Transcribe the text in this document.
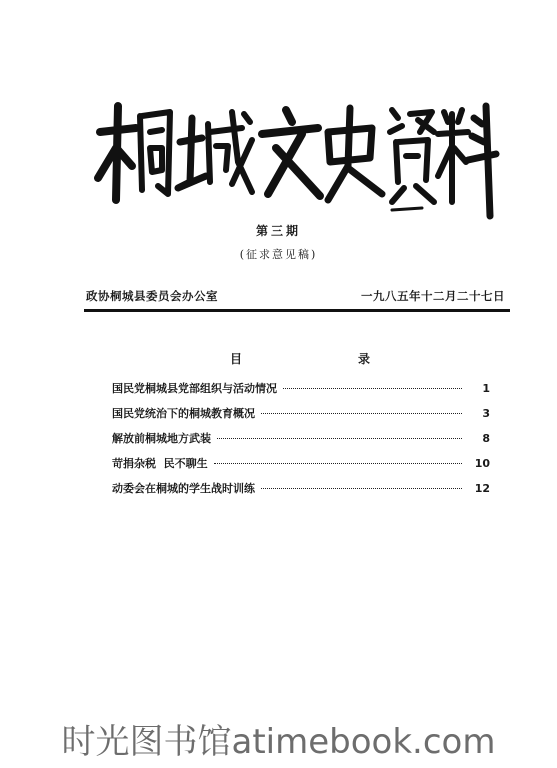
第三期
(征求意见稿)
政协桐城县委员会办公室	一九八五年十二月二十七日
目	录
国民党桐城县党部组织与活动情况	1
国民党统治下的桐城教育概况	3
解放前桐城地方武装	8
苛捐杂税  民不聊生	10
动委会在桐城的学生战时训练	12
时光图书馆atimebook.com
